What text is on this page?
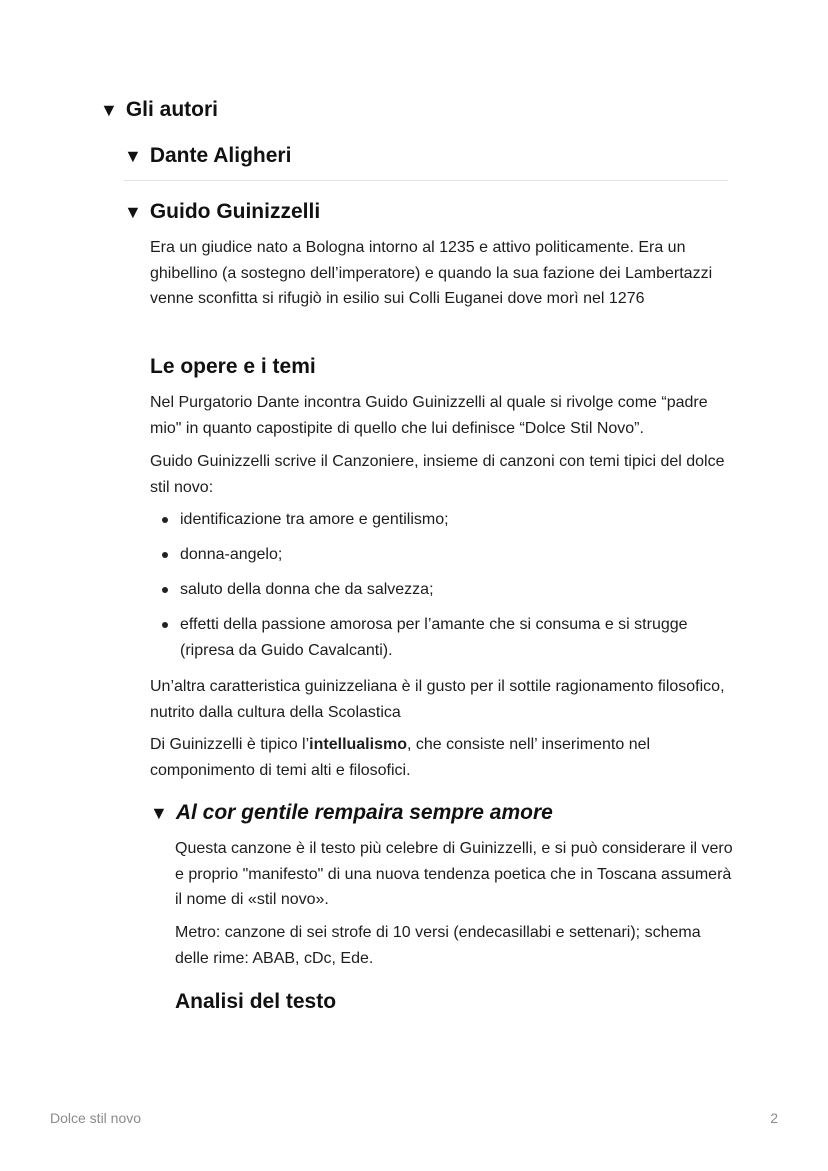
▼ Gli autori
▼ Dante Aligheri
▼ Guido Guinizzelli

Era un giudice nato a Bologna intorno al 1235 e attivo politicamente. Era un ghibellino (a sostegno dell’imperatore) e quando la sua fazione dei Lambertazzi venne sconfitta si rifugiò in esilio sui Colli Euganei dove morì nel 1276

Le opere e i temi

Nel Purgatorio Dante incontra Guido Guinizzelli al quale si rivolge come “padre mio" in quanto capostipite di quello che lui definisce “Dolce Stil Novo”.

Guido Guinizzelli scrive il Canzoniere, insieme di canzoni con temi tipici del dolce stil novo:

identificazione tra amore e gentilismo;
donna-angelo;
saluto della donna che da salvezza;
effetti della passione amorosa per l’amante che si consuma e si strugge (ripresa da Guido Cavalcanti).

Un’altra caratteristica guinizzeliana è il gusto per il sottile ragionamento filosofico, nutrito dalla cultura della Scolastica

Di Guinizzelli è tipico l’intellualismo, che consiste nell’ inserimento nel componimento di temi alti e filosofici.

▼ Al cor gentile rempaira sempre amore

Questa canzone è il testo più celebre di Guinizzelli, e si può considerare il vero e proprio "manifesto" di una nuova tendenza poetica che in Toscana assumerà il nome di «stil novo».

Metro: canzone di sei strofe di 10 versi (endecasillabi e settenari); schema delle rime: ABAB, cDc, Ede.

Analisi del testo
Dolce stil novo	2
